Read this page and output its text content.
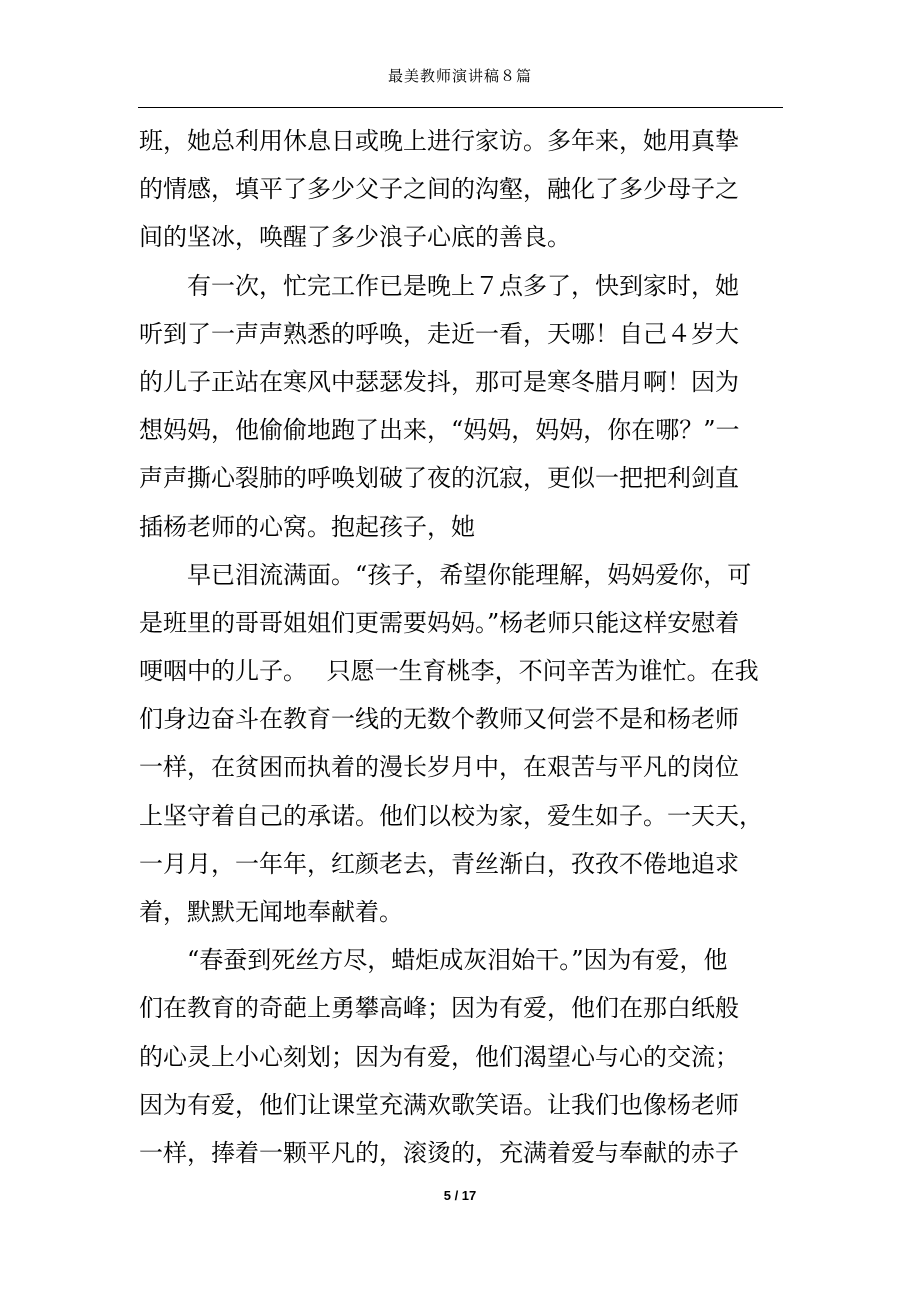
最美教师演讲稿８篇
班，她总利用休息日或晚上进行家访。多年来，她用真挚
的情感，填平了多少父子之间的沟壑，融化了多少母子之
间的坚冰，唤醒了多少浪子心底的善良。
　　有一次，忙完工作已是晚上７点多了，快到家时，她
听到了一声声熟悉的呼唤，走近一看，天哪！自己４岁大
的儿子正站在寒风中瑟瑟发抖，那可是寒冬腊月啊！因为
想妈妈，他偷偷地跑了出来，“妈妈，妈妈，你在哪？”一
声声撕心裂肺的呼唤划破了夜的沉寂，更似一把把利剑直
插杨老师的心窝。抱起孩子，她
　　早已泪流满面。“孩子，希望你能理解，妈妈爱你，可
是班里的哥哥姐姐们更需要妈妈。”杨老师只能这样安慰着
哽咽中的儿子。　 只愿一生育桃李，不问辛苦为谁忙。在我
们身边奋斗在教育一线的无数个教师又何尝不是和杨老师
一样，在贫困而执着的漫长岁月中，在艰苦与平凡的岗位
上坚守着自己的承诺。他们以校为家，爱生如子。一天天，
一月月，一年年，红颜老去，青丝渐白，孜孜不倦地追求
着，默默无闻地奉献着。
　　“春蚕到死丝方尽，蜡炬成灰泪始干。”因为有爱，他
们在教育的奇葩上勇攀高峰；因为有爱，他们在那白纸般
的心灵上小心刻划；因为有爱，他们渴望心与心的交流；
因为有爱，他们让课堂充满欢歌笑语。让我们也像杨老师
一样，捧着一颗平凡的，滚烫的，充满着爱与奉献的赤子
5 / 17
